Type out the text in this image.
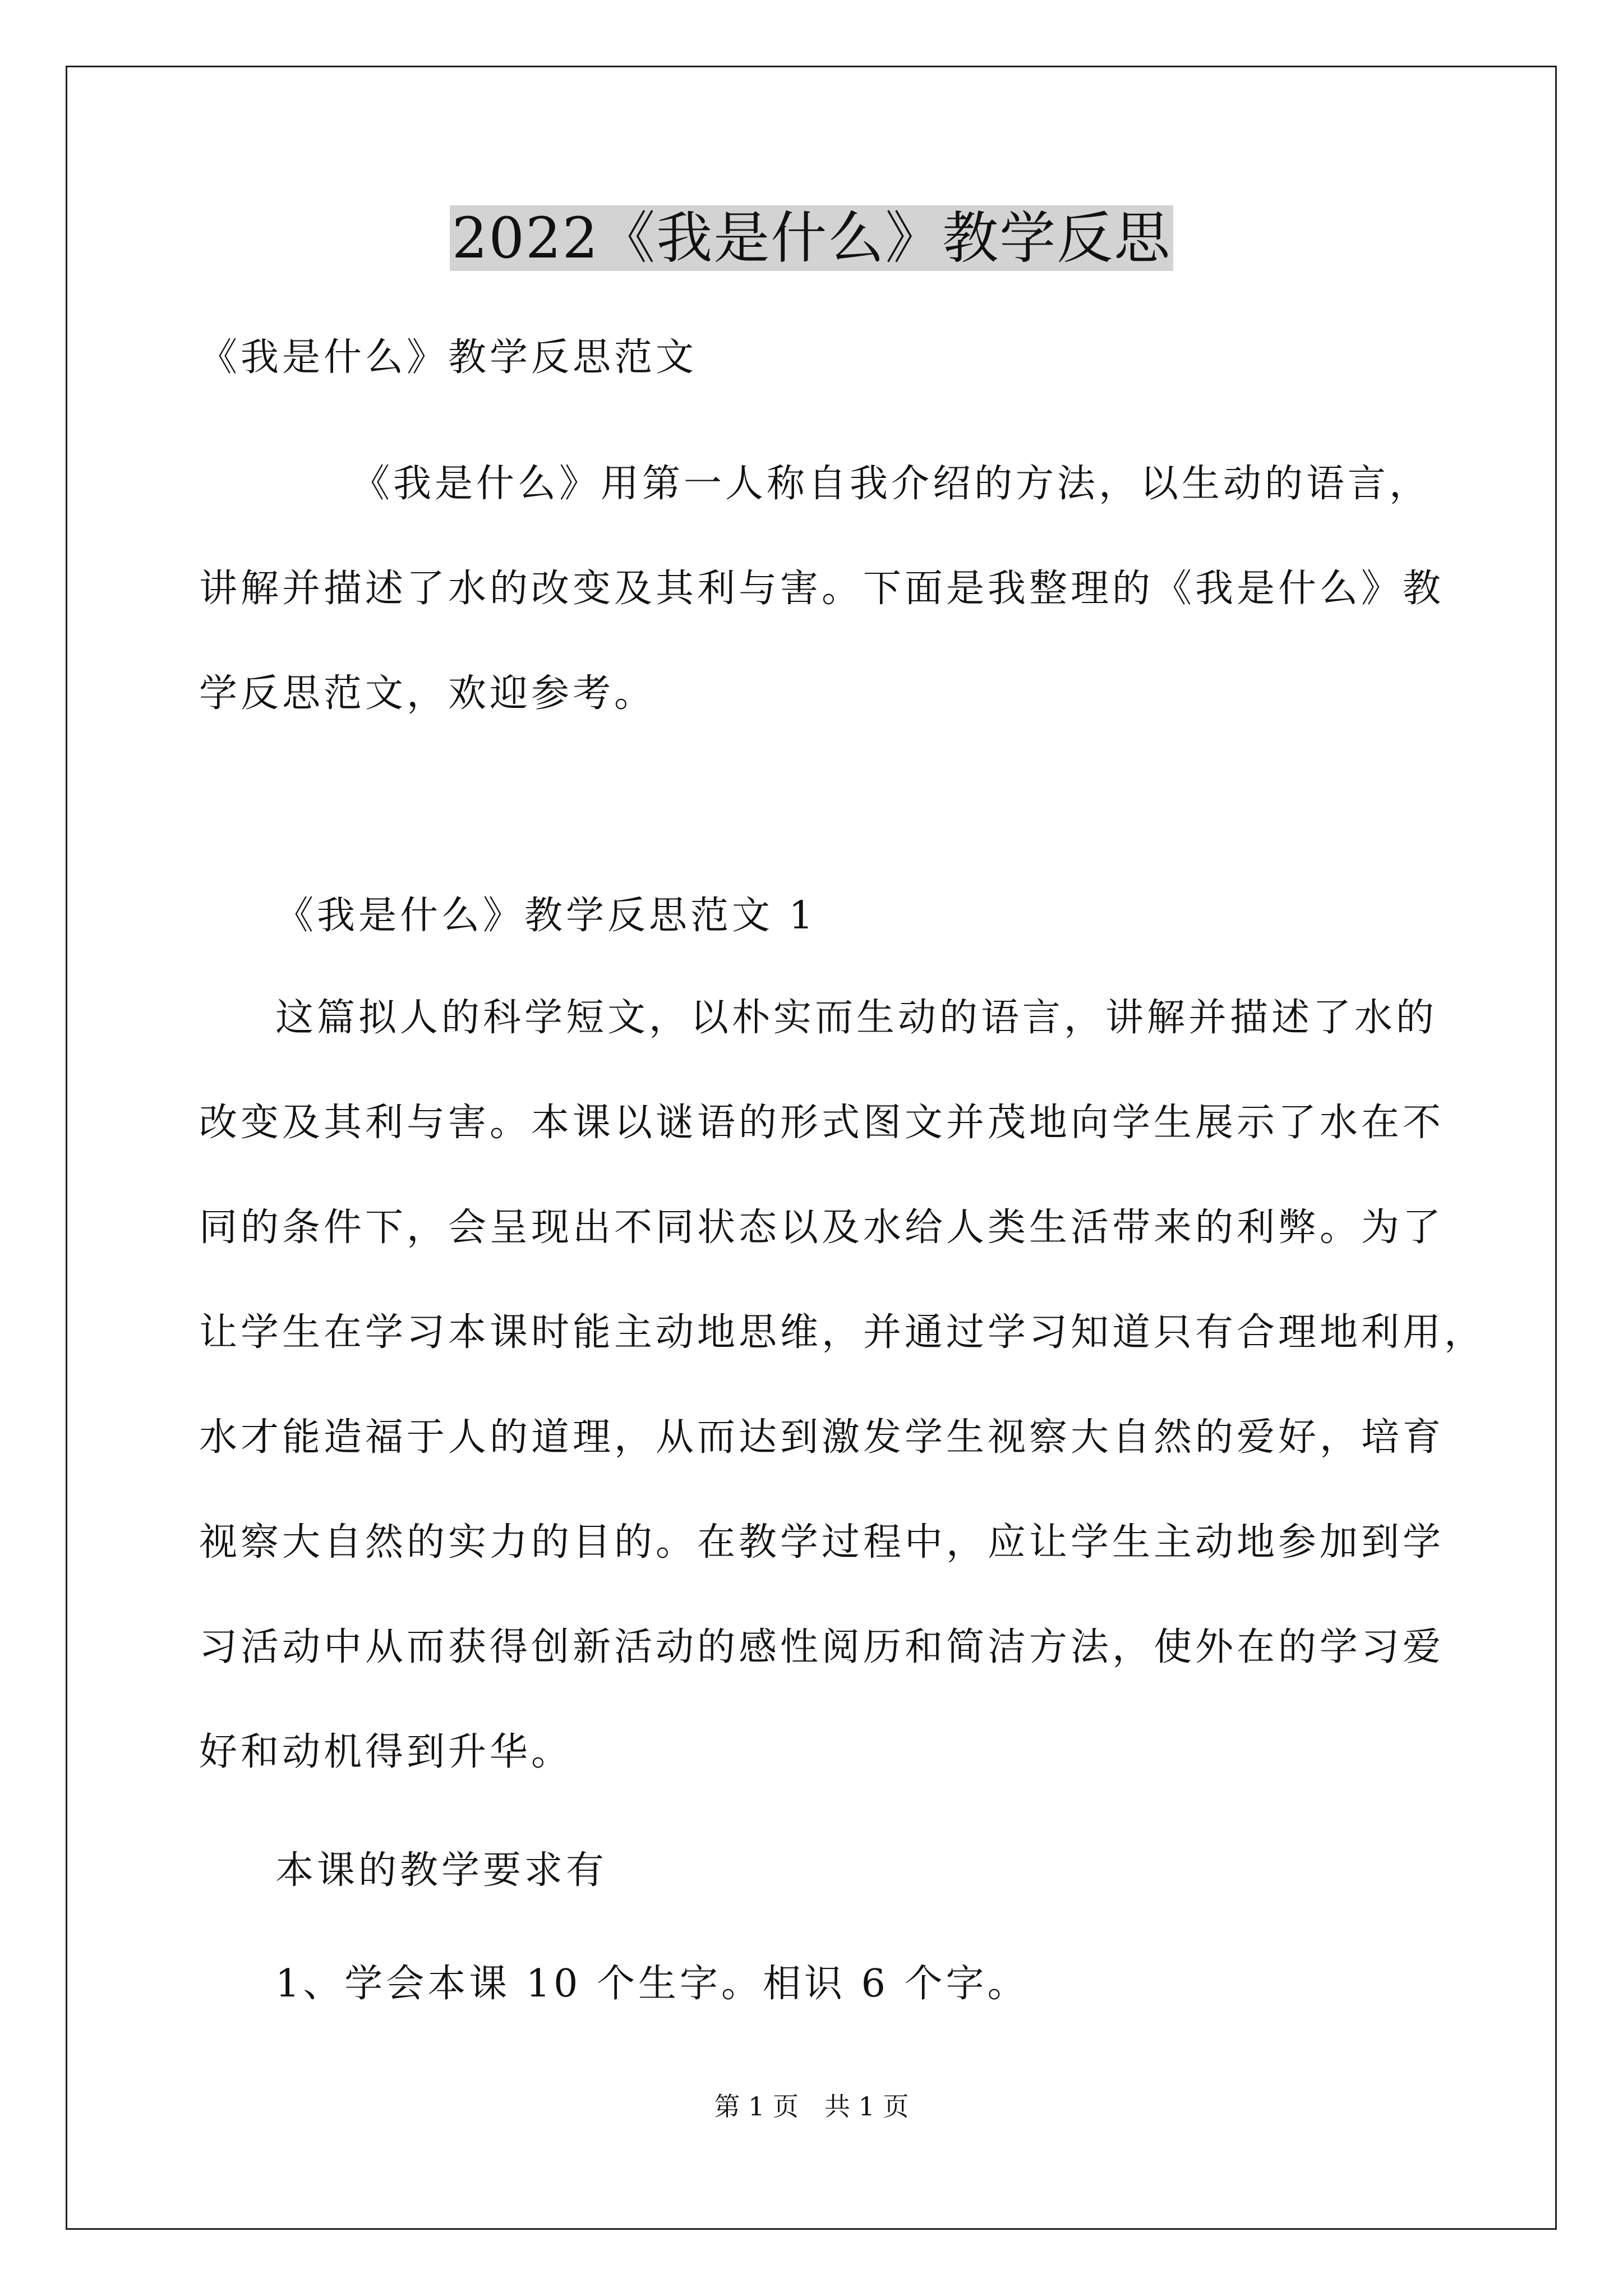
2022《我是什么》教学反思
《我是什么》教学反思范文
《我是什么》用第一人称自我介绍的方法，以生动的语言，
讲解并描述了水的改变及其利与害。下面是我整理的《我是什么》教
学反思范文，欢迎参考。
《我是什么》教学反思范文 1
这篇拟人的科学短文，以朴实而生动的语言，讲解并描述了水的
改变及其利与害。本课以谜语的形式图文并茂地向学生展示了水在不
同的条件下，会呈现出不同状态以及水给人类生活带来的利弊。为了
让学生在学习本课时能主动地思维，并通过学习知道只有合理地利用，
水才能造福于人的道理，从而达到激发学生视察大自然的爱好，培育
视察大自然的实力的目的。在教学过程中，应让学生主动地参加到学
习活动中从而获得创新活动的感性阅历和简洁方法，使外在的学习爱
好和动机得到升华。
本课的教学要求有
1、学会本课 10 个生字。相识 6 个字。
第 1 页　共 1 页
